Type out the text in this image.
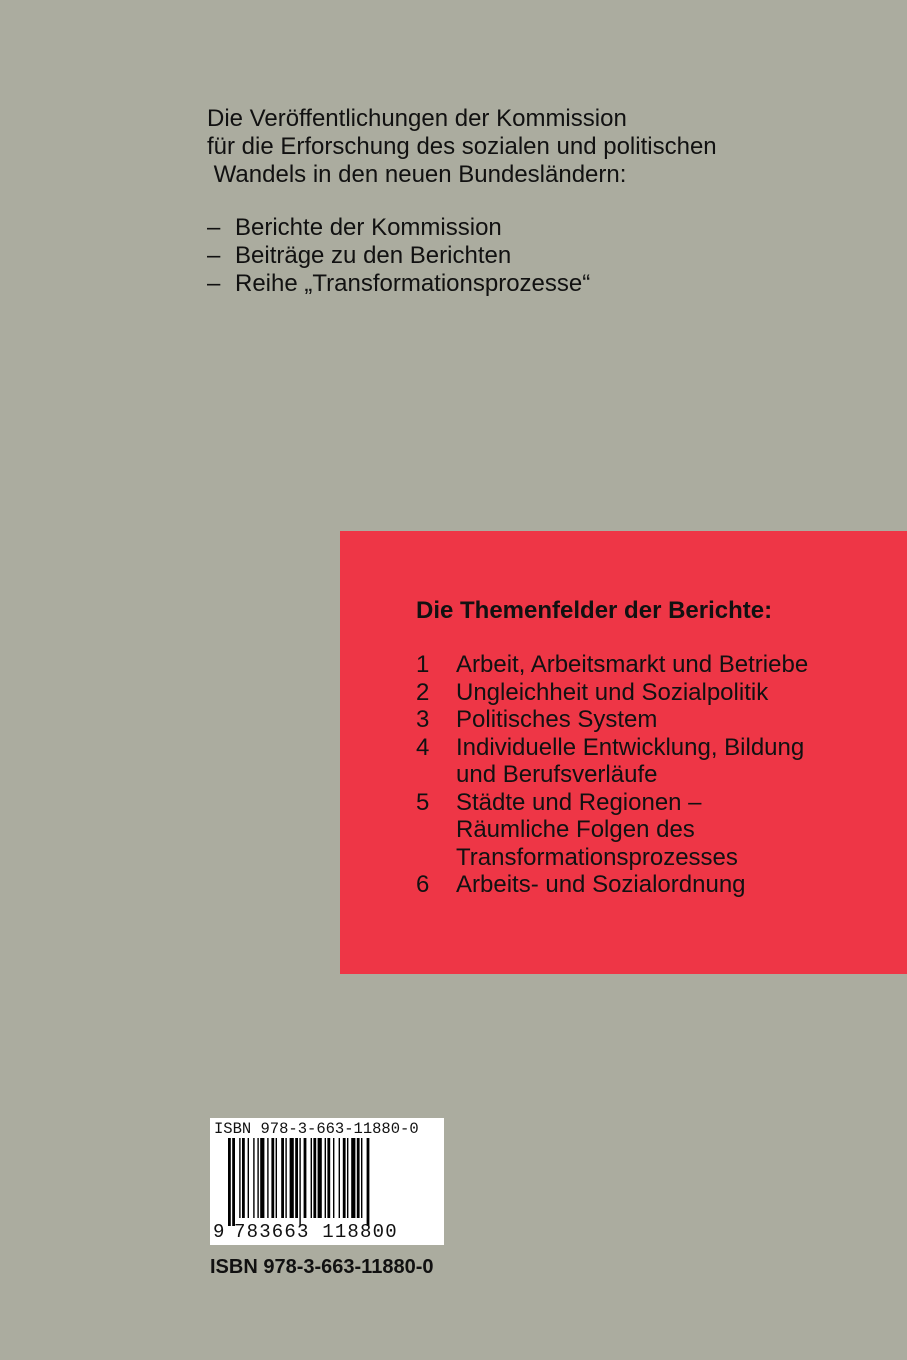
Die Veröffentlichungen der Kommission
für die Erforschung des sozialen und politischen
Wandels in den neuen Bundesländern:
– Berichte der Kommission
– Beiträge zu den Berichten
– Reihe „Transformationsprozesse“
Die Themenfelder der Berichte:
1	Arbeit, Arbeitsmarkt und Betriebe
2	Ungleichheit und Sozialpolitik
3	Politisches System
4	Individuelle Entwicklung, Bildung
und Berufsverläufe
5	Städte und Regionen –
Räumliche Folgen des
Transformationsprozesses
6	Arbeits- und Sozialordnung
ISBN 978-3-663-11880-0
9 783663 118800
ISBN 978-3-663-11880-0
